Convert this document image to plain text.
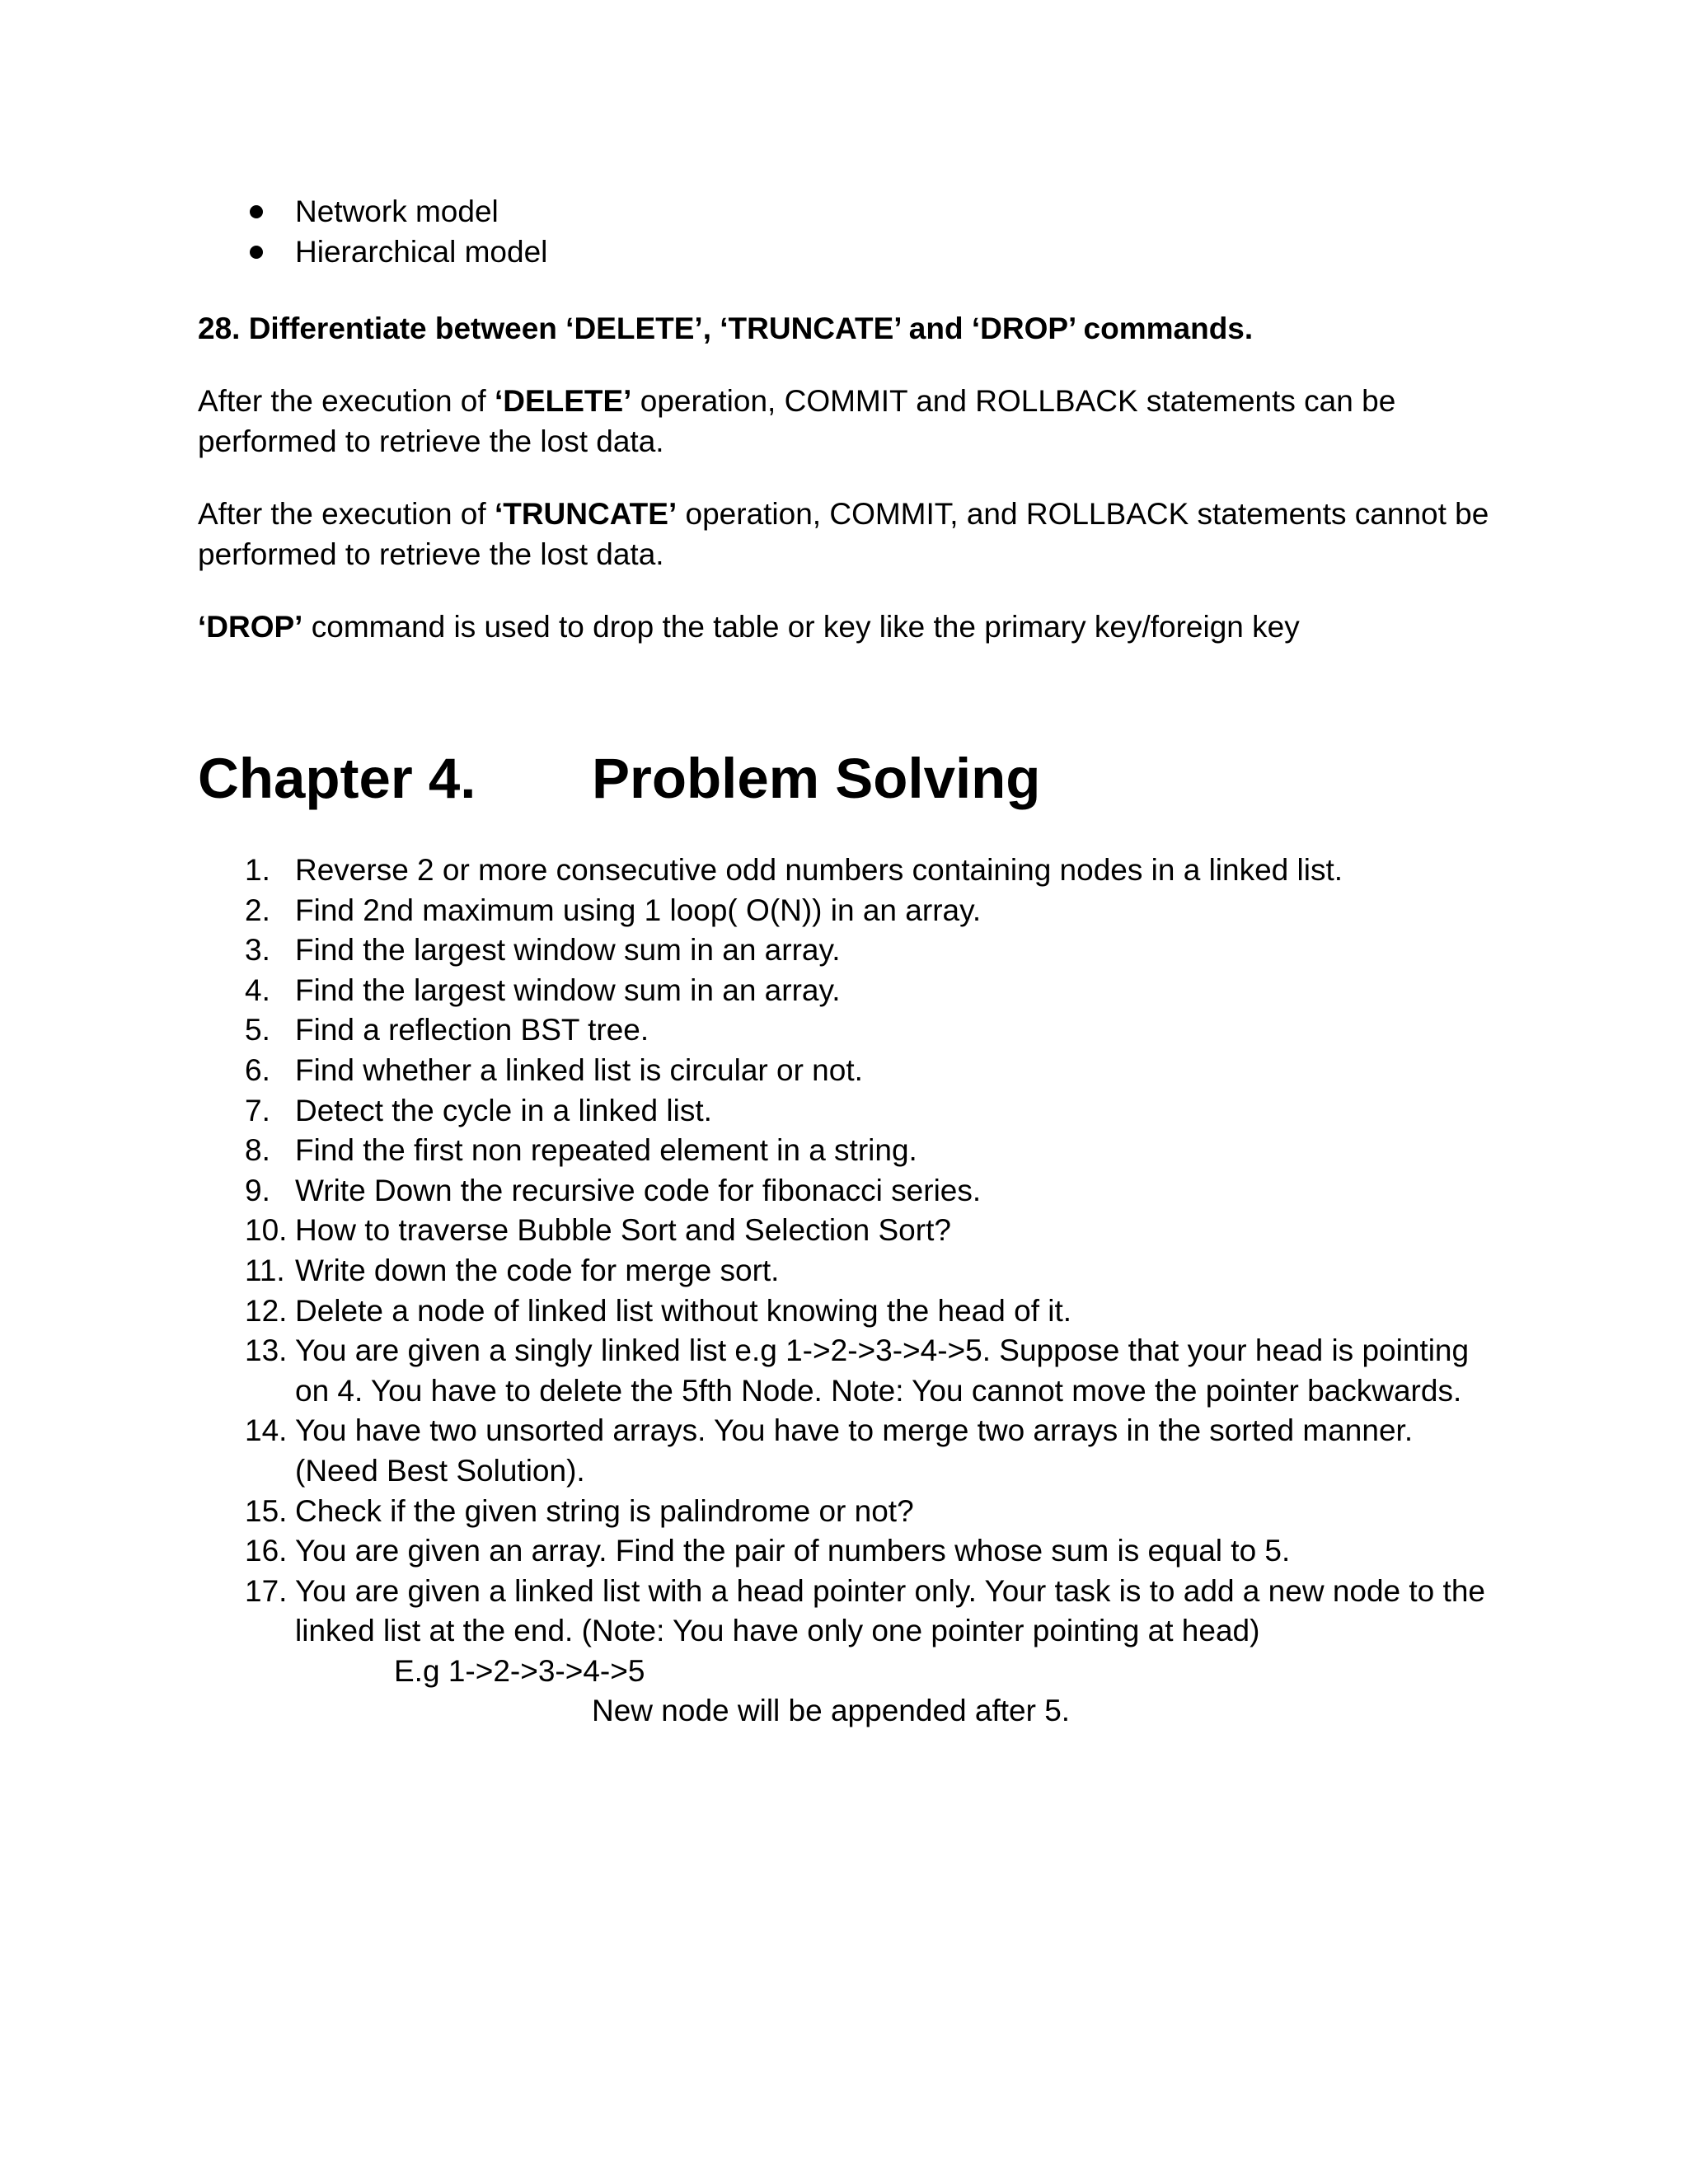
Network model
Hierarchical model

28. Differentiate between ‘DELETE’, ‘TRUNCATE’ and ‘DROP’ commands.

After the execution of ‘DELETE’ operation, COMMIT and ROLLBACK statements can be performed to retrieve the lost data.

After the execution of ‘TRUNCATE’ operation, COMMIT, and ROLLBACK statements cannot be performed to retrieve the lost data.

‘DROP’ command is used to drop the table or key like the primary key/foreign key

Chapter 4. Problem Solving
1. Reverse 2 or more consecutive odd numbers containing nodes in a linked list.
2. Find 2nd maximum using 1 loop( O(N)) in an array.
3. Find the largest window sum in an array.
4. Find the largest window sum in an array.
5. Find a reflection BST tree.
6. Find whether a linked list is circular or not.
7. Detect the cycle in a linked list.
8. Find the first non repeated element in a string.
9. Write Down the recursive code for fibonacci series.
10. How to traverse Bubble Sort and Selection Sort?
11. Write down the code for merge sort.
12. Delete a node of linked list without knowing the head of it.
13. You are given a singly linked list e.g 1->2->3->4->5. Suppose that your head is pointing on 4. You have to delete the 5fth Node. Note: You cannot move the pointer backwards.
14. You have two unsorted arrays. You have to merge two arrays in the sorted manner. (Need Best Solution).
15. Check if the given string is palindrome or not?
16. You are given an array. Find the pair of numbers whose sum is equal to 5.
17. You are given a linked list with a head pointer only. Your task is to add a new node to the linked list at the end. (Note: You have only one pointer pointing at head)
E.g 1->2->3->4->5
New node will be appended after 5.
